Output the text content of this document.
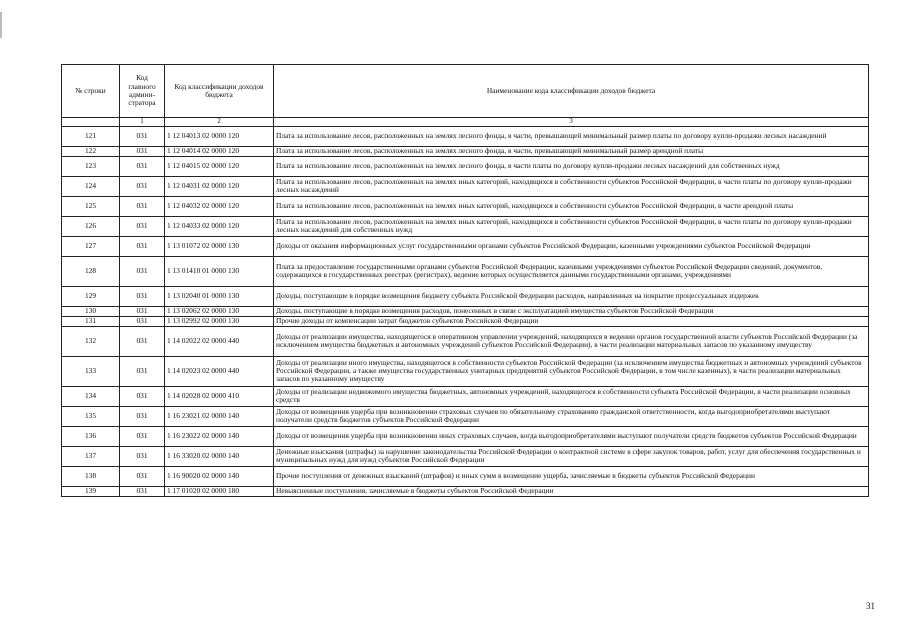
№ строки	Код главного админи-стратора	Код классификации доходов бюджета	Наименование кода классификации доходов бюджета
	1	2	3
121	031	1 12 04013 02 0000 120	Плата за использование лесов, расположенных на землях лесного фонда, в части, превышающей минимальный размер платы по договору купли-продажи лесных насаждений
122	031	1 12 04014 02 0000 120	Плата за использование лесов, расположенных на землях лесного фонда, в части, превышающей минимальный размер арендной платы
123	031	1 12 04015 02 0000 120	Плата за использование лесов, расположенных на землях лесного фонда, в части платы по договору купли-продажи лесных насаждений для собственных нужд
124	031	1 12 04031 02 0000 120	Плата за использование лесов, расположенных на землях иных категорий, находящихся в собственности субъектов Российской Федерации, в части платы по договору купли-продажи лесных насаждений
125	031	1 12 04032 02 0000 120	Плата за использование лесов, расположенных на землях иных категорий, находящихся в собственности субъектов Российской Федерации, в части арендной платы
126	031	1 12 04033 02 0000 120	Плата за использование лесов, расположенных на землях иных категорий, находящихся в собственности субъектов Российской Федерации, в части платы по договору купли-продажи лесных насаждений для собственных нужд
127	031	1 13 01072 02 0000 130	Доходы от оказания информационных услуг государственными органами субъектов Российской Федерации, казенными учреждениями субъектов Российской Федерации
128	031	1 13 01410 01 0000 130	Плата за предоставление государственными органами субъектов Российской Федерации, казенными учреждениями субъектов Российской Федерации сведений, документов, содержащихся в государственных реестрах (регистрах), ведение которых осуществляется данными государственными органами, учреждениями
129	031	1 13 02040 01 0000 130	Доходы, поступающие в порядке возмещения бюджету субъекта Российской Федерации расходов, направленных на покрытие процессуальных издержек
130	031	1 13 02062 02 0000 130	Доходы, поступающие в порядке возмещения расходов, понесенных в связи с эксплуатацией имущества субъектов Российской Федерации
131	031	1 13 02992 02 0000 130	Прочие доходы от компенсации затрат бюджетов субъектов Российской Федерации
132	031	1 14 02022 02 0000 440	Доходы от реализации имущества, находящегося в оперативном управлении учреждений, находящихся в ведении органов государственной власти субъектов Российской Федерации (за исключением имущества бюджетных и автономных учреждений субъектов Российской Федерации), в части реализации материальных запасов по указанному имуществу
133	031	1 14 02023 02 0000 440	Доходы от реализации иного имущества, находящегося в собственности субъектов Российской Федерации (за исключением имущества бюджетных и автономных учреждений субъектов Российской Федерации, а также имущества государственных унитарных предприятий субъектов Российской Федерации, в том числе казенных), в части реализации материальных запасов по указанному имуществу
134	031	1 14 02028 02 0000 410	Доходы от реализации недвижимого имущества бюджетных, автономных учреждений, находящегося в собственности субъекта Российской Федерации, в части реализации основных средств
135	031	1 16 23021 02 0000 140	Доходы от возмещения ущерба при возникновении страховых случаев по обязательному страхованию гражданской ответственности, когда выгодоприобретателями выступают получатели средств бюджетов субъектов Российской Федерации
136	031	1 16 23022 02 0000 140	Доходы от возмещения ущерба при возникновении иных страховых случаев, когда выгодоприобретателями выступают получатели средств бюджетов субъектов Российской Федерации
137	031	1 16 33020 02 0000 140	Денежные взыскания (штрафы) за нарушение законодательства Российской Федерации о контрактной системе в сфере закупок товаров, работ, услуг для обеспечения государственных и муниципальных нужд для нужд субъектов Российской Федерации
138	031	1 16 90020 02 0000 140	Прочие поступления от денежных взысканий (штрафов) и иных сумм в возмещение ущерба, зачисляемые в бюджеты субъектов Российской Федерации
139	031	1 17 01020 02 0000 180	Невыясненные поступления, зачисляемые в бюджеты субъектов Российской Федерации
31
